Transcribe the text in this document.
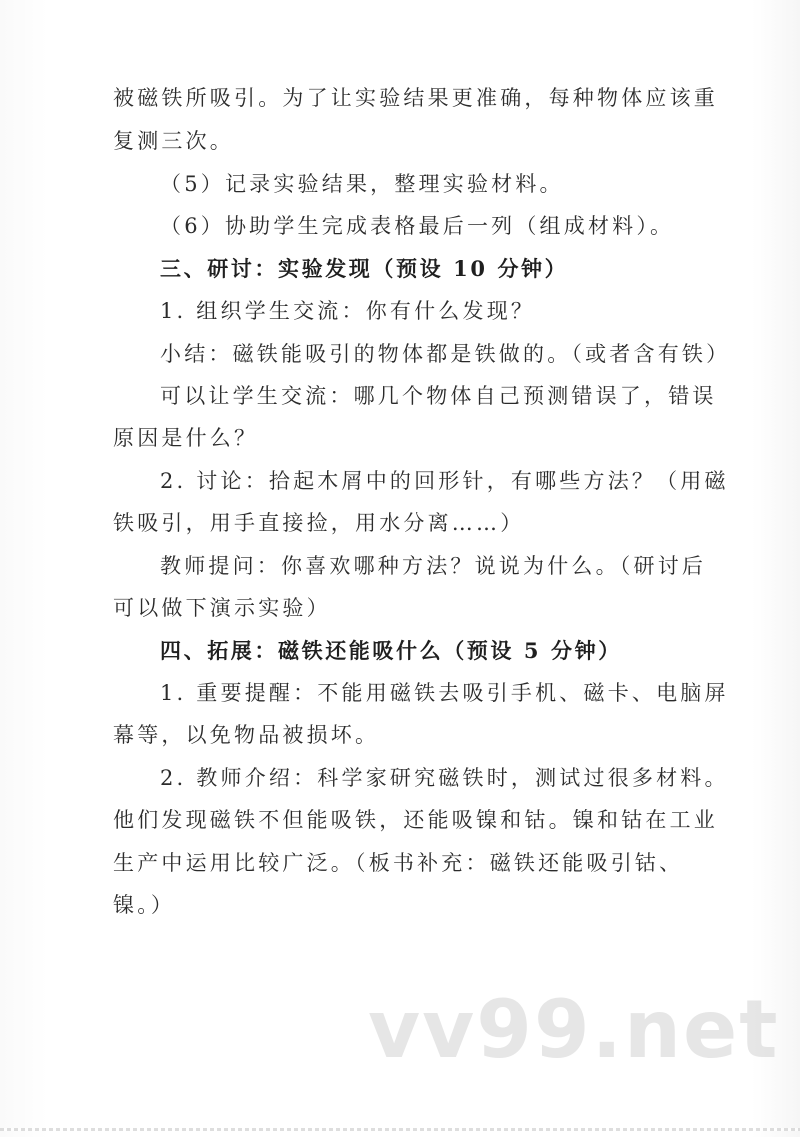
被磁铁所吸引。为了让实验结果更准确，每种物体应该重
复测三次。
（5）记录实验结果，整理实验材料。
（6）协助学生完成表格最后一列（组成材料）。
三、研讨：实验发现（预设 10 分钟）
1. 组织学生交流：你有什么发现？
小结：磁铁能吸引的物体都是铁做的。（或者含有铁）
可以让学生交流：哪几个物体自己预测错误了，错误
原因是什么？
2. 讨论：拾起木屑中的回形针，有哪些方法？（用磁
铁吸引，用手直接捡，用水分离……）
教师提问：你喜欢哪种方法？说说为什么。（研讨后
可以做下演示实验）
四、拓展：磁铁还能吸什么（预设 5 分钟）
1. 重要提醒：不能用磁铁去吸引手机、磁卡、电脑屏
幕等，以免物品被损坏。
2. 教师介绍：科学家研究磁铁时，测试过很多材料。
他们发现磁铁不但能吸铁，还能吸镍和钴。镍和钴在工业
生产中运用比较广泛。（板书补充：磁铁还能吸引钴、
镍。）
vv99.net
